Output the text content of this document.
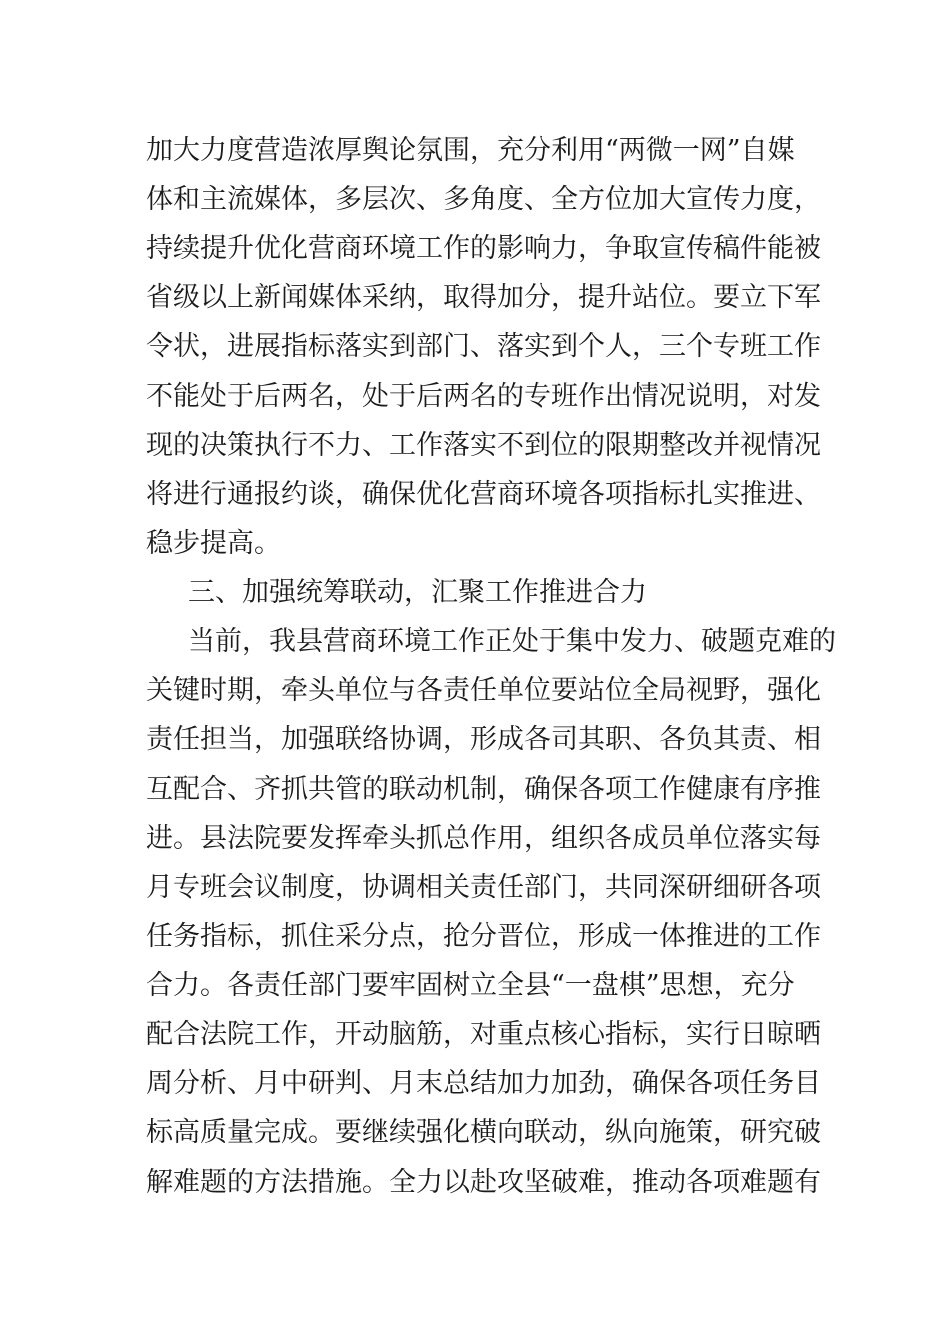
加大力度营造浓厚舆论氛围，充分利用“两微一网”自媒
体和主流媒体，多层次、多角度、全方位加大宣传力度，
持续提升优化营商环境工作的影响力，争取宣传稿件能被
省级以上新闻媒体采纳，取得加分，提升站位。要立下军
令状，进展指标落实到部门、落实到个人，三个专班工作
不能处于后两名，处于后两名的专班作出情况说明，对发
现的决策执行不力、工作落实不到位的限期整改并视情况
将进行通报约谈，确保优化营商环境各项指标扎实推进、
稳步提高。
三、加强统筹联动，汇聚工作推进合力
当前，我县营商环境工作正处于集中发力、破题克难的
关键时期，牵头单位与各责任单位要站位全局视野，强化
责任担当，加强联络协调，形成各司其职、各负其责、相
互配合、齐抓共管的联动机制，确保各项工作健康有序推
进。县法院要发挥牵头抓总作用，组织各成员单位落实每
月专班会议制度，协调相关责任部门，共同深研细研各项
任务指标，抓住采分点，抢分晋位，形成一体推进的工作
合力。各责任部门要牢固树立全县“一盘棋”思想，充分
配合法院工作，开动脑筋，对重点核心指标，实行日晾晒
周分析、月中研判、月末总结加力加劲，确保各项任务目
标高质量完成。要继续强化横向联动，纵向施策，研究破
解难题的方法措施。全力以赴攻坚破难，推动各项难题有
